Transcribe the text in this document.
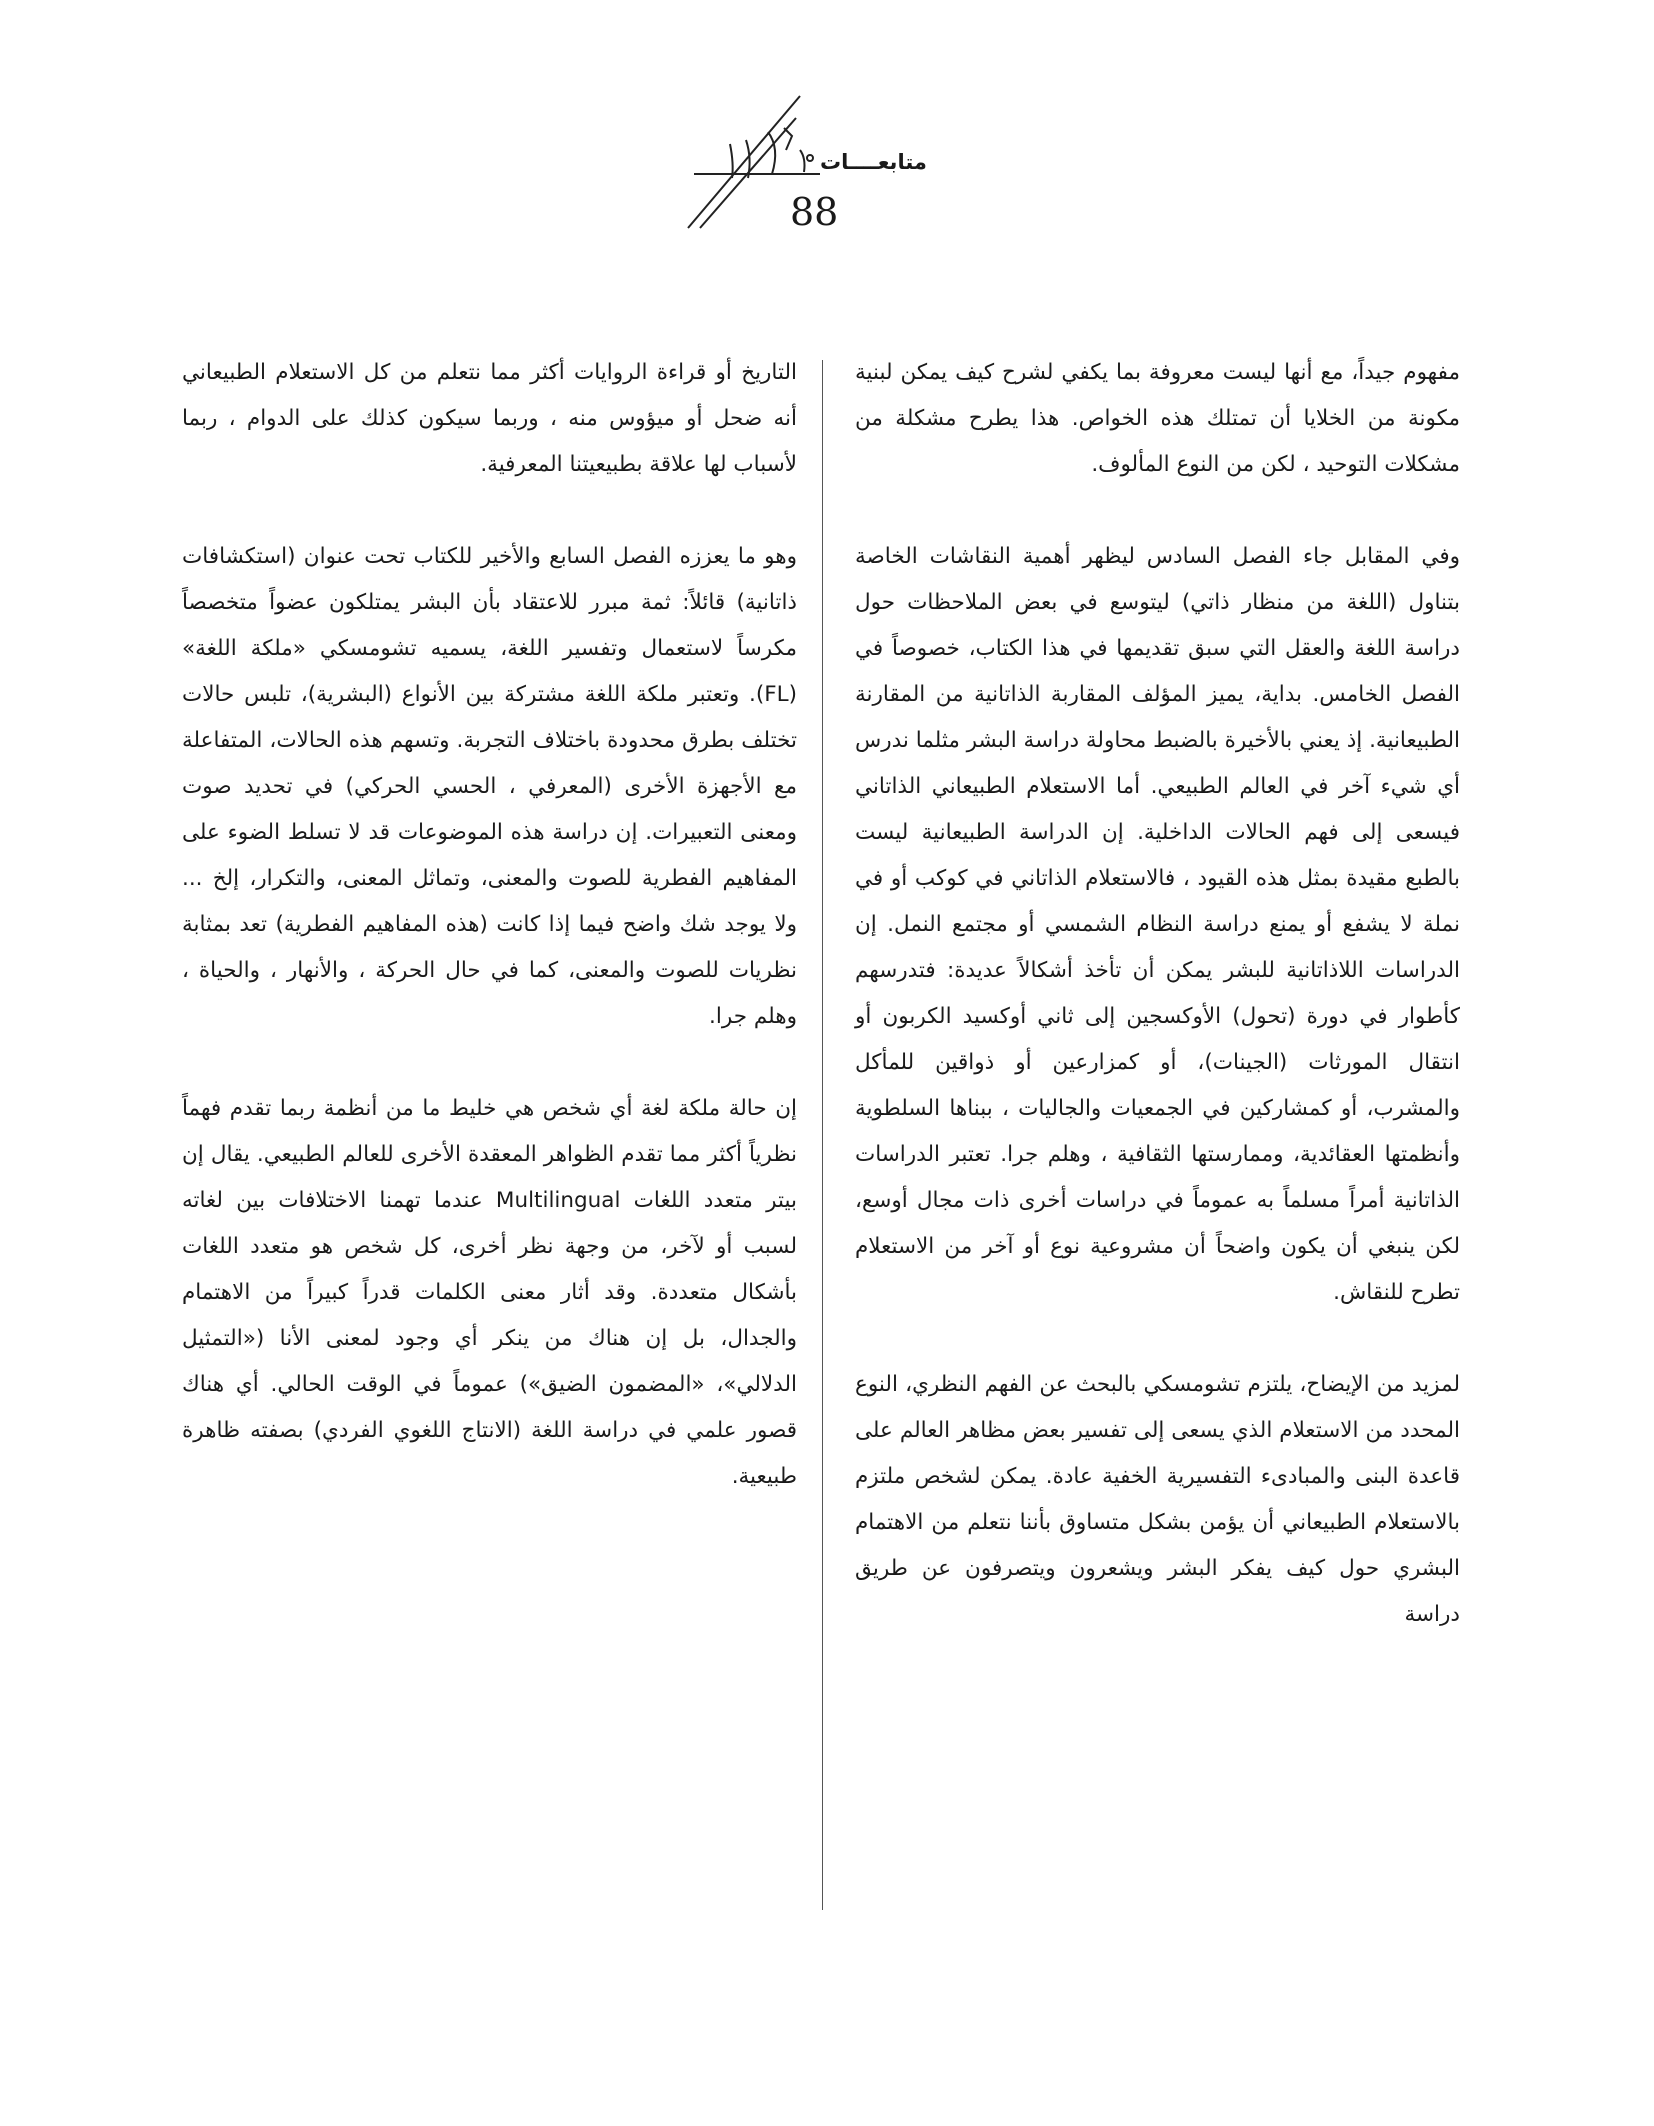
متابعــــات
88

مفهوم جيداً، مع أنها ليست معروفة بما يكفي لشرح كيف يمكن لبنية مكونة من الخلايا أن تمتلك هذه الخواص. هذا يطرح مشكلة من مشكلات التوحيد ، لكن من النوع المألوف.

وفي المقابل جاء الفصل السادس ليظهر أهمية النقاشات الخاصة بتناول (اللغة من منظار ذاتي) ليتوسع في بعض الملاحظات حول دراسة اللغة والعقل التي سبق تقديمها في هذا الكتاب، خصوصاً في الفصل الخامس. بداية، يميز المؤلف المقاربة الذاتانية من المقارنة الطبيعانية. إذ يعني بالأخيرة بالضبط محاولة دراسة البشر مثلما ندرس أي شيء آخر في العالم الطبيعي. أما الاستعلام الطبيعاني الذاتاني فيسعى إلى فهم الحالات الداخلية. إن الدراسة الطبيعانية ليست بالطبع مقيدة بمثل هذه القيود ، فالاستعلام الذاتاني في كوكب أو في نملة لا يشفع أو يمنع دراسة النظام الشمسي أو مجتمع النمل. إن الدراسات اللاذاتانية للبشر يمكن أن تأخذ أشكالاً عديدة: فتدرسهم كأطوار في دورة (تحول) الأوكسجين إلى ثاني أوكسيد الكربون أو انتقال المورثات (الجينات)، أو كمزارعين أو ذواقين للمأكل والمشرب، أو كمشاركين في الجمعيات والجاليات ، ببناها السلطوية وأنظمتها العقائدية، وممارستها الثقافية ، وهلم جرا. تعتبر الدراسات الذاتانية أمراً مسلماً به عموماً في دراسات أخرى ذات مجال أوسع، لكن ينبغي أن يكون واضحاً أن مشروعية نوع أو آخر من الاستعلام تطرح للنقاش.

لمزيد من الإيضاح، يلتزم تشومسكي بالبحث عن الفهم النظري، النوع المحدد من الاستعلام الذي يسعى إلى تفسير بعض مظاهر العالم على قاعدة البنى والمبادىء التفسيرية الخفية عادة. يمكن لشخص ملتزم بالاستعلام الطبيعاني أن يؤمن بشكل متساوق بأننا نتعلم من الاهتمام البشري حول كيف يفكر البشر ويشعرون ويتصرفون عن طريق دراسة

التاريخ أو قراءة الروايات أكثر مما نتعلم من كل الاستعلام الطبيعاني أنه ضحل أو ميؤوس منه ، وربما سيكون كذلك على الدوام ، ربما لأسباب لها علاقة بطبيعيتنا المعرفية.

وهو ما يعززه الفصل السابع والأخير للكتاب تحت عنوان (استكشافات ذاتانية) قائلاً: ثمة مبرر للاعتقاد بأن البشر يمتلكون عضواً متخصصاً مكرساً لاستعمال وتفسير اللغة، يسميه تشومسكي «ملكة اللغة» (FL). وتعتبر ملكة اللغة مشتركة بين الأنواع (البشرية)، تلبس حالات تختلف بطرق محدودة باختلاف التجربة. وتسهم هذه الحالات، المتفاعلة مع الأجهزة الأخرى (المعرفي ، الحسي الحركي) في تحديد صوت ومعنى التعبيرات. إن دراسة هذه الموضوعات قد لا تسلط الضوء على المفاهيم الفطرية للصوت والمعنى، وتماثل المعنى، والتكرار، إلخ ... ولا يوجد شك واضح فيما إذا كانت (هذه المفاهيم الفطرية) تعد بمثابة نظريات للصوت والمعنى، كما في حال الحركة ، والأنهار ، والحياة ، وهلم جرا.

إن حالة ملكة لغة أي شخص هي خليط ما من أنظمة ربما تقدم فهماً نظرياً أكثر مما تقدم الظواهر المعقدة الأخرى للعالم الطبيعي. يقال إن بيتر متعدد اللغات Multilingual عندما تهمنا الاختلافات بين لغاته لسبب أو لآخر، من وجهة نظر أخرى، كل شخص هو متعدد اللغات بأشكال متعددة. وقد أثار معنى الكلمات قدراً كبيراً من الاهتمام والجدال، بل إن هناك من ينكر أي وجود لمعنى الأنا («التمثيل الدلالي»، «المضمون الضيق») عموماً في الوقت الحالي. أي هناك قصور علمي في دراسة اللغة (الانتاج اللغوي الفردي) بصفته ظاهرة طبيعية.
